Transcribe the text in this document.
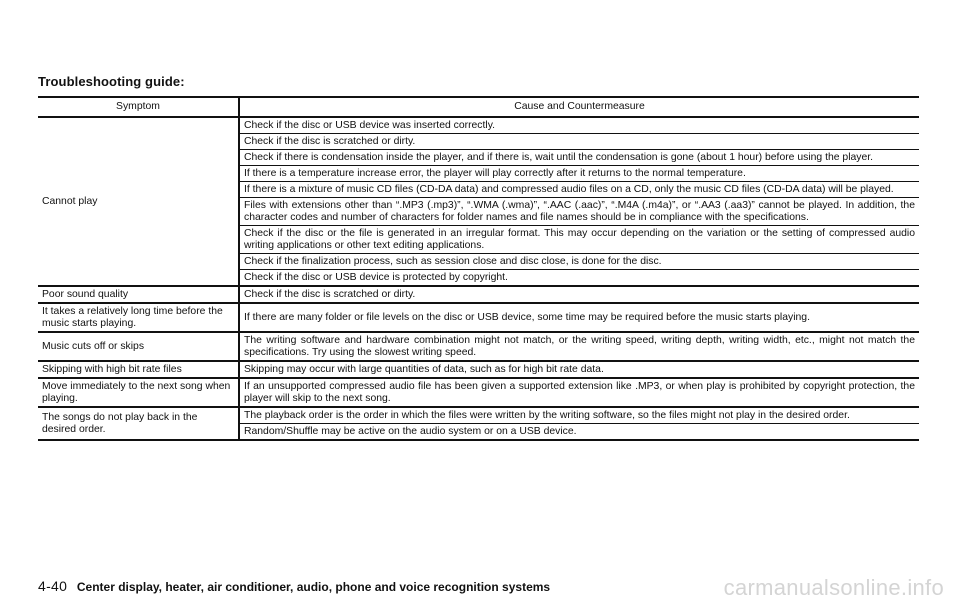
Troubleshooting guide:
Symptom	Cause and Countermeasure
Cannot play	Check if the disc or USB device was inserted correctly.
	Check if the disc is scratched or dirty.
	Check if there is condensation inside the player, and if there is, wait until the condensation is gone (about 1 hour) before using the player.
	If there is a temperature increase error, the player will play correctly after it returns to the normal temperature.
	If there is a mixture of music CD files (CD-DA data) and compressed audio files on a CD, only the music CD files (CD-DA data) will be played.
	Files with extensions other than “.MP3 (.mp3)”, “.WMA (.wma)”, “.AAC (.aac)”, “.M4A (.m4a)”, or “.AA3 (.aa3)” cannot be played. In addition, the character codes and number of characters for folder names and file names should be in compliance with the specifications.
	Check if the disc or the file is generated in an irregular format. This may occur depending on the variation or the setting of compressed audio writing applications or other text editing applications.
	Check if the finalization process, such as session close and disc close, is done for the disc.
	Check if the disc or USB device is protected by copyright.
Poor sound quality	Check if the disc is scratched or dirty.
It takes a relatively long time before the music starts playing.	If there are many folder or file levels on the disc or USB device, some time may be required before the music starts playing.
Music cuts off or skips	The writing software and hardware combination might not match, or the writing speed, writing depth, writing width, etc., might not match the specifications. Try using the slowest writing speed.
Skipping with high bit rate files	Skipping may occur with large quantities of data, such as for high bit rate data.
Move immediately to the next song when playing.	If an unsupported compressed audio file has been given a supported extension like .MP3, or when play is prohibited by copyright protection, the player will skip to the next song.
The songs do not play back in the desired order.	The playback order is the order in which the files were written by the writing software, so the files might not play in the desired order.
	Random/Shuffle may be active on the audio system or on a USB device.
4-40 Center display, heater, air conditioner, audio, phone and voice recognition systems	carmanualsonline.info
